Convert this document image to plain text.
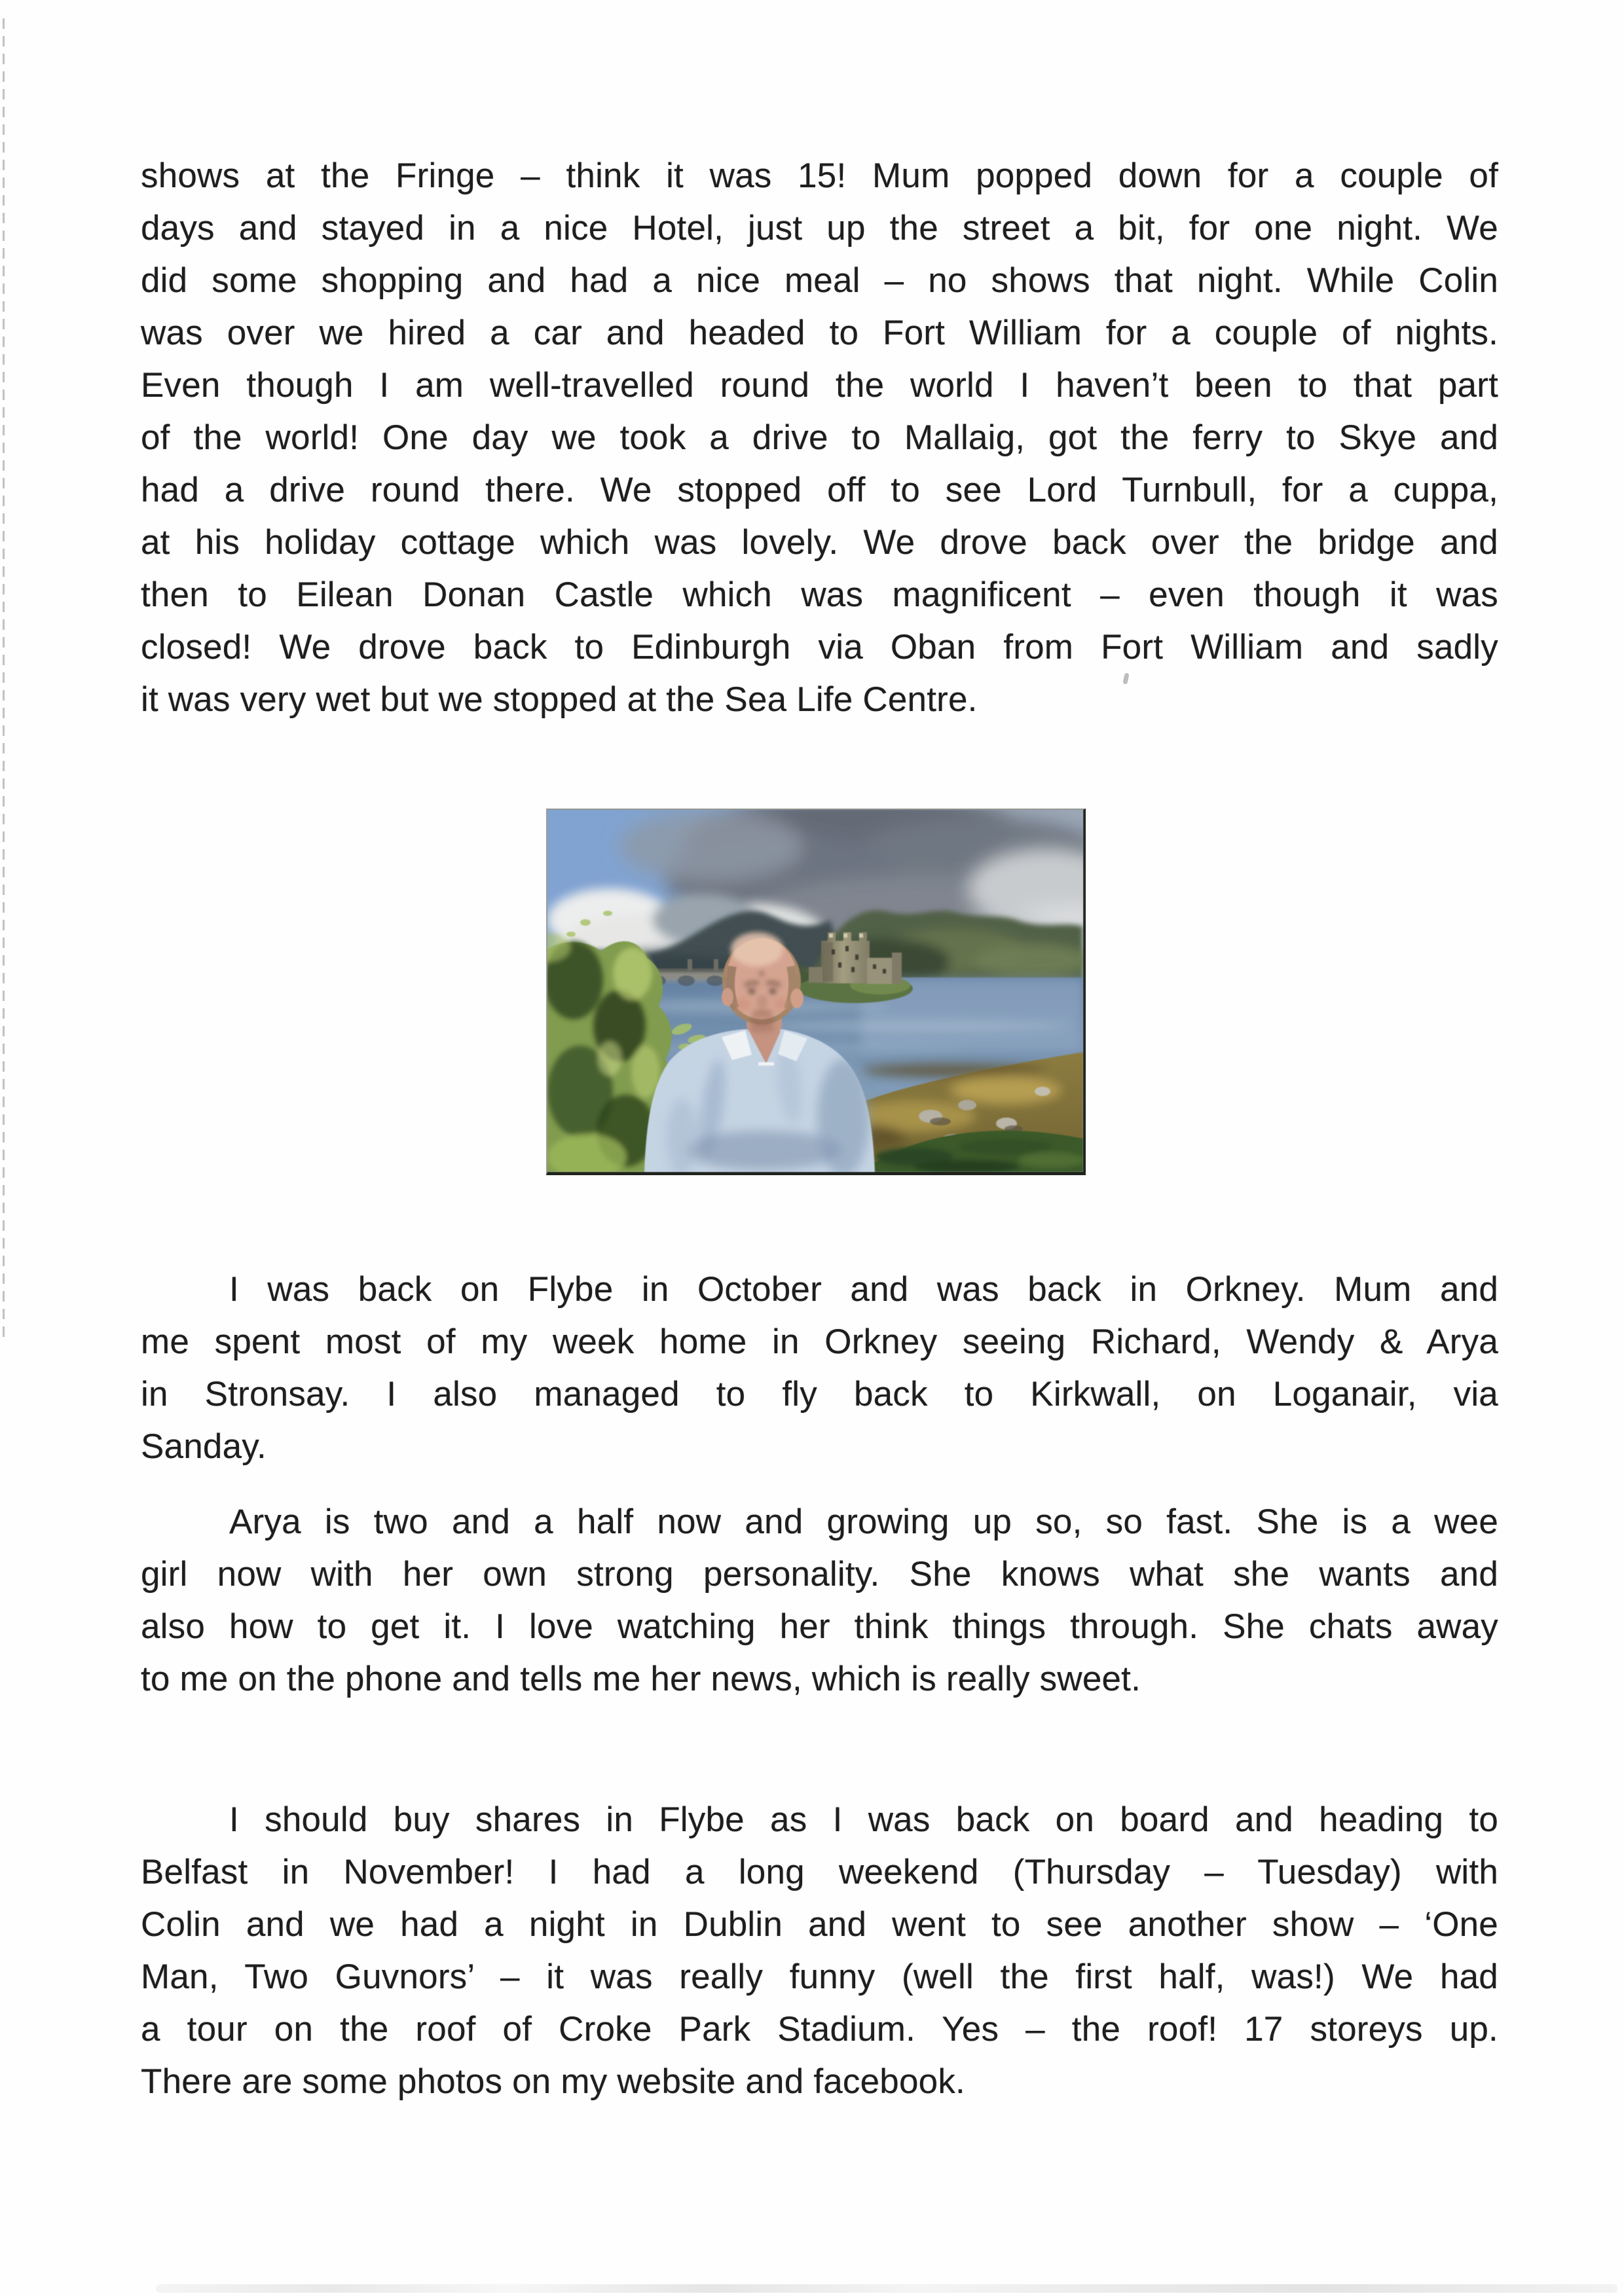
shows at the Fringe – think it was 15! Mum popped down for a couple of
days and stayed in a nice Hotel, just up the street a bit, for one night. We
did some shopping and had a nice meal – no shows that night. While Colin
was over we hired a car and headed to Fort William for a couple of nights.
Even though I am well-travelled round the world I haven’t been to that part
of the world! One day we took a drive to Mallaig, got the ferry to Skye and
had a drive round there. We stopped off to see Lord Turnbull, for a cuppa,
at his holiday cottage which was lovely. We drove back over the bridge and
then to Eilean Donan Castle which was magnificent – even though it was
closed! We drove back to Edinburgh via Oban from Fort William and sadly
it was very wet but we stopped at the Sea Life Centre.
I was back on Flybe in October and was back in Orkney. Mum and
me spent most of my week home in Orkney seeing Richard, Wendy & Arya
in Stronsay. I also managed to fly back to Kirkwall, on Loganair, via
Sanday.
Arya is two and a half now and growing up so, so fast. She is a wee
girl now with her own strong personality. She knows what she wants and
also how to get it. I love watching her think things through. She chats away
to me on the phone and tells me her news, which is really sweet.
I should buy shares in Flybe as I was back on board and heading to
Belfast in November! I had a long weekend (Thursday – Tuesday) with
Colin and we had a night in Dublin and went to see another show – ‘One
Man, Two Guvnors’ – it was really funny (well the first half, was!) We had
a tour on the roof of Croke Park Stadium. Yes – the roof! 17 storeys up.
There are some photos on my website and facebook.
